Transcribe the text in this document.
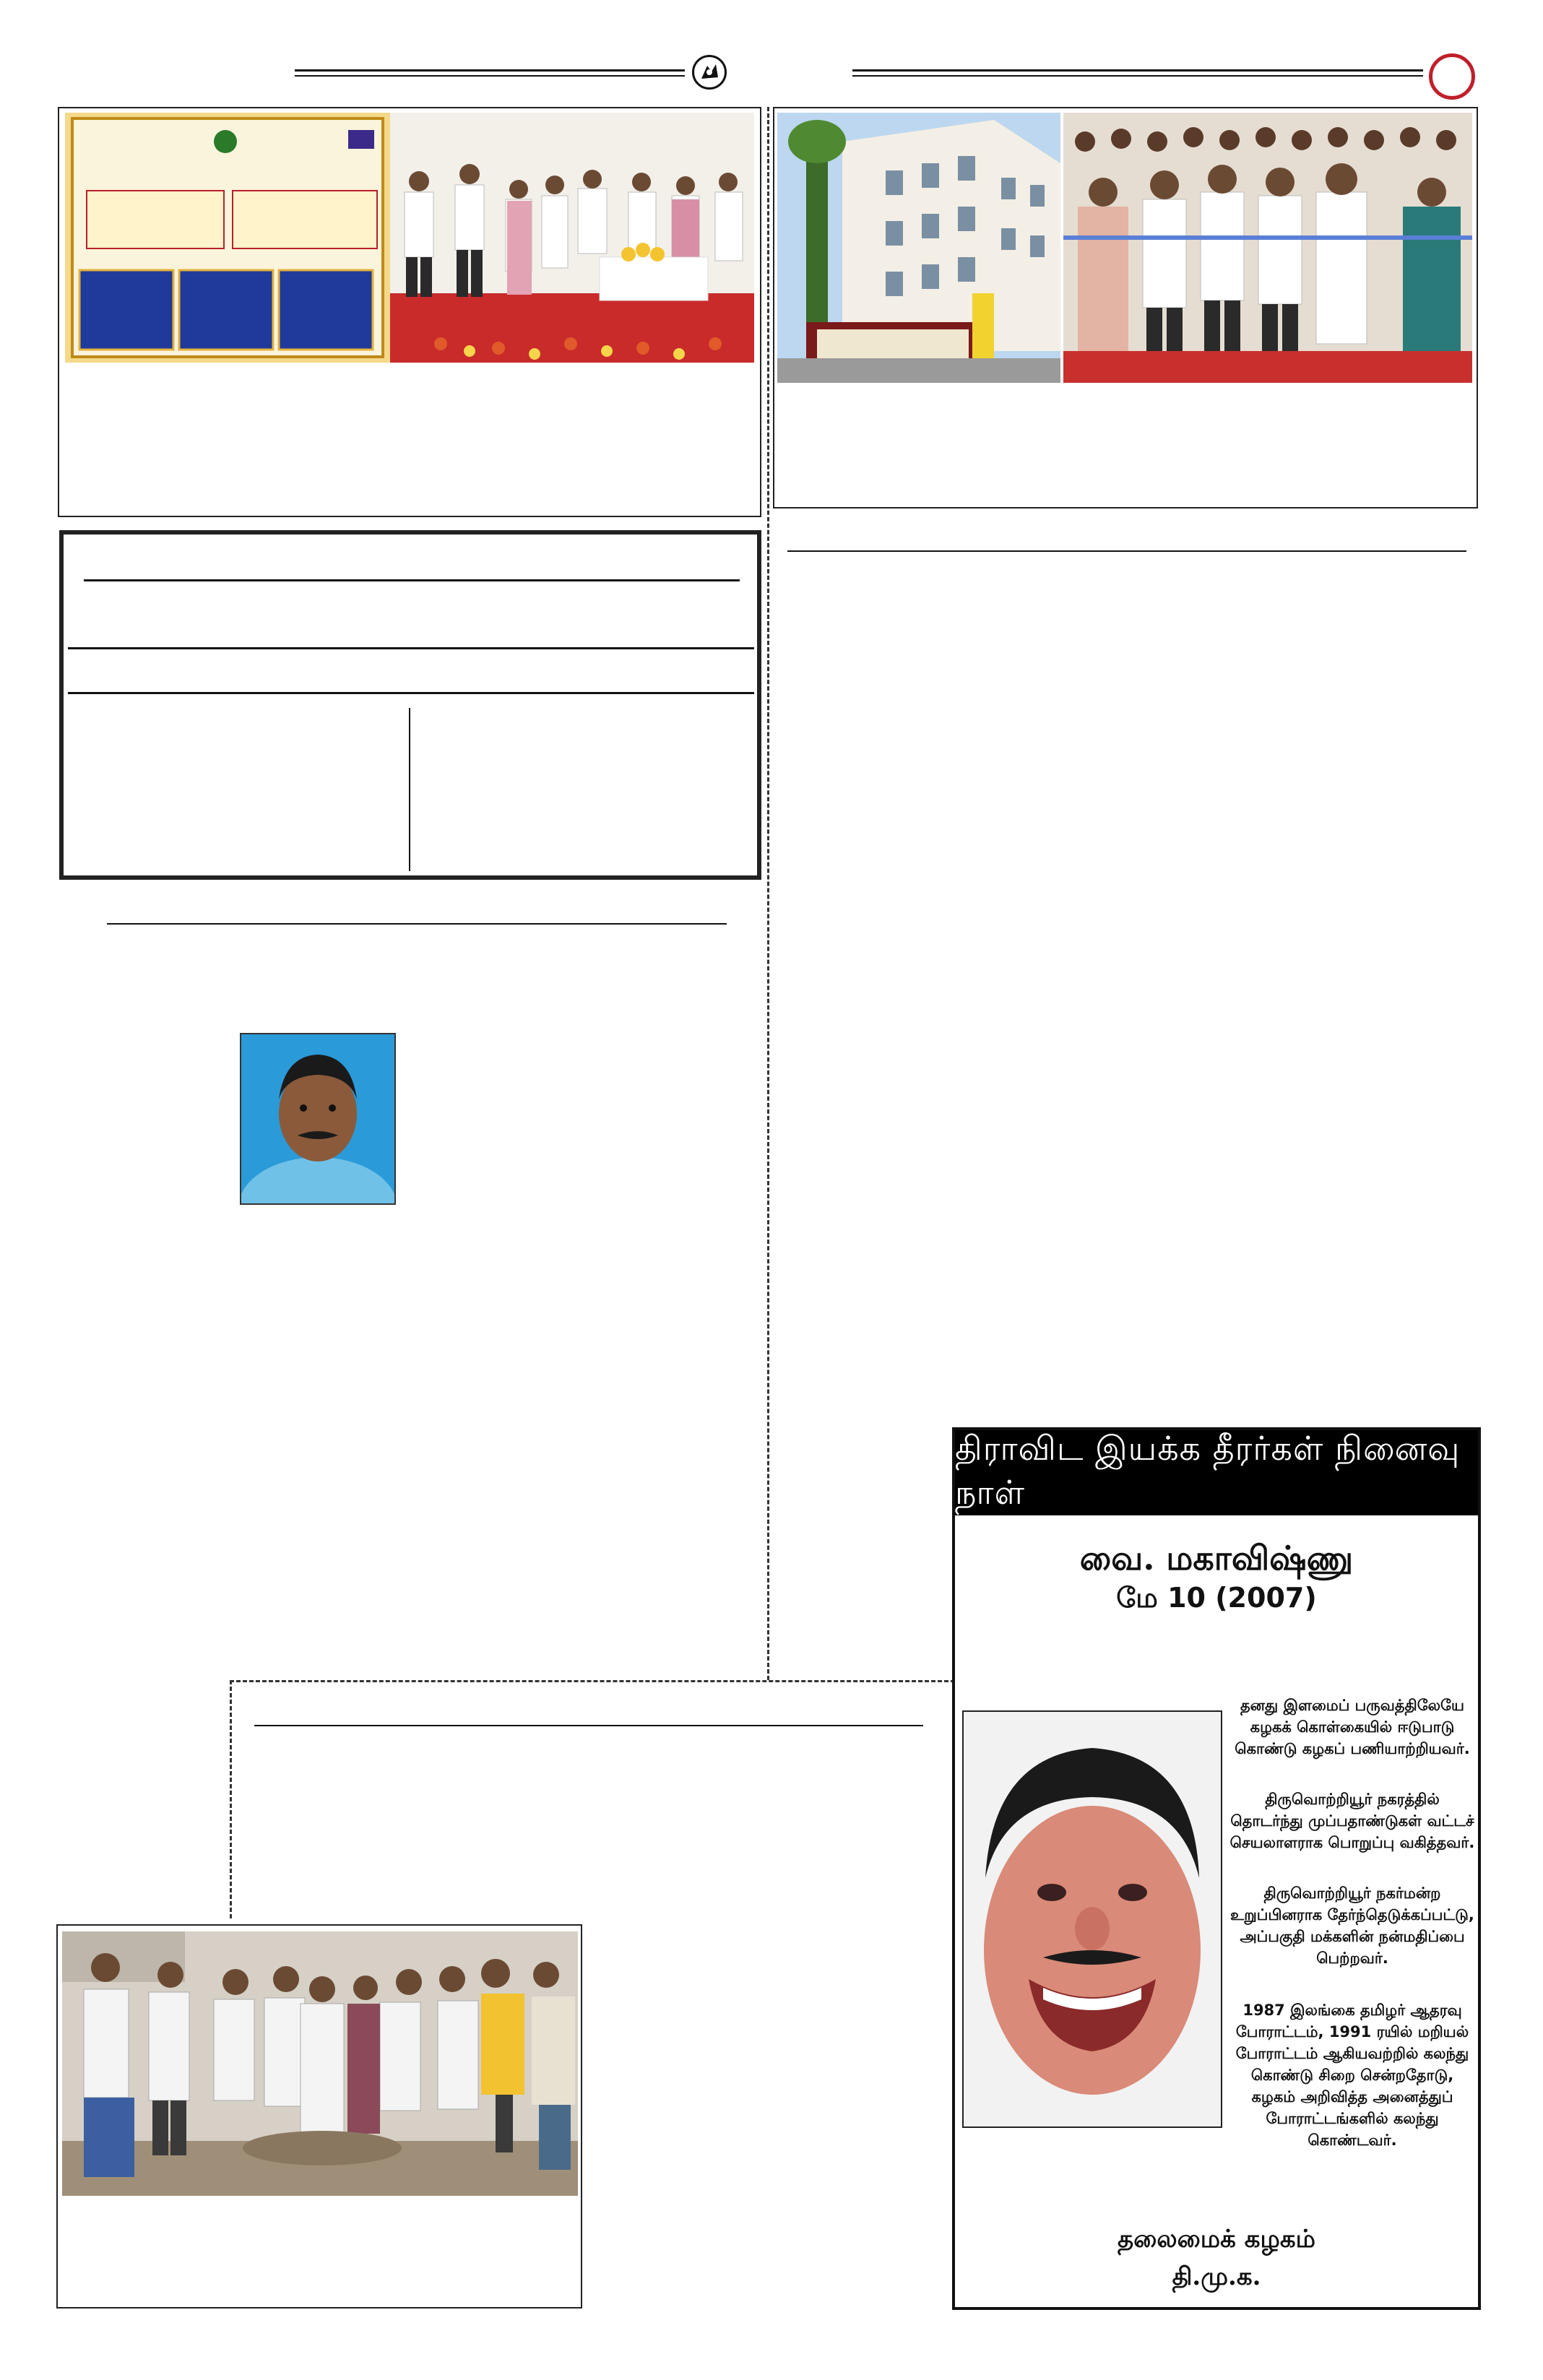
திராவிட இயக்க தீரர்கள் நினைவு நாள்
வை. மகாவிஷ்ணு
மே 10 (2007)
தனது இளமைப் பருவத்திலேயே கழகக் கொள்கையில் ஈடுபாடு கொண்டு கழகப் பணியாற்றியவர்.
திருவொற்றியூர் நகரத்தில் தொடர்ந்து முப்பதாண்டுகள் வட்டச் செயலாளராக பொறுப்பு வகித்தவர்.
திருவொற்றியூர் நகர்மன்ற உறுப்பினராக தேர்ந்தெடுக்கப்பட்டு, அப்பகுதி மக்களின் நன்மதிப்பை பெற்றவர்.
1987 இலங்கை தமிழர் ஆதரவு போராட்டம், 1991 ரயில் மறியல் போராட்டம் ஆகியவற்றில் கலந்து கொண்டு சிறை சென்றதோடு, கழகம் அறிவித்த அனைத்துப் போராட்டங்களில் கலந்து கொண்டவர்.
தலைமைக் கழகம்
தி.மு.க.
